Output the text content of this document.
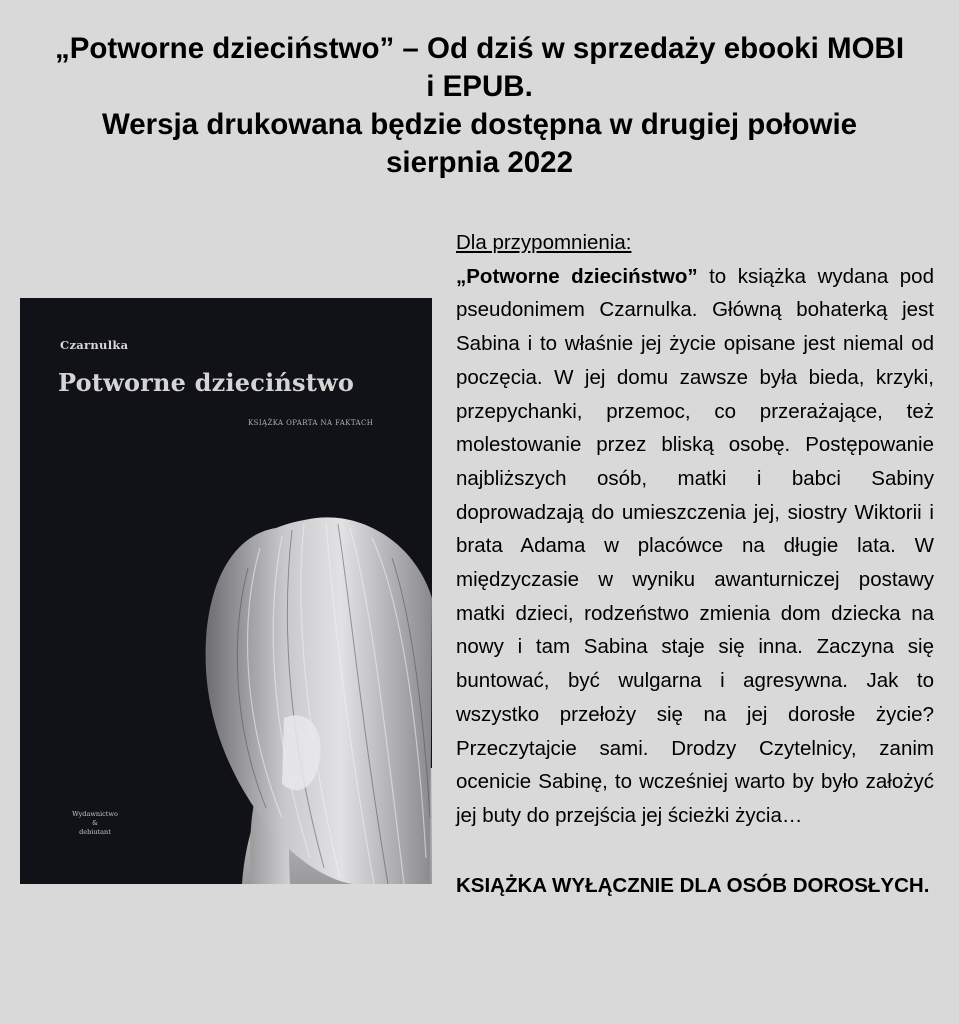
„Potworne dzieciństwo” – Od dziś w sprzedaży ebooki MOBI
i EPUB.
Wersja drukowana będzie dostępna w drugiej połowie
sierpnia 2022
Czarnulka
Potworne dzieciństwo
KSIĄŻKA OPARTA NA FAKTACH
Wydawnictwo
&
debiutant
Dla przypomnienia:

„Potworne dzieciństwo” to książka wydana pod pseudonimem Czarnulka. Główną bohaterką jest Sabina i to właśnie jej życie opisane jest niemal od poczęcia. W jej domu zawsze była bieda, krzyki, przepychanki, przemoc, co przerażające, też molestowanie przez bliską osobę. Postępowanie najbliższych osób, matki i babci Sabiny doprowadzają do umieszczenia jej, siostry Wiktorii i brata Adama w placówce na długie lata. W międzyczasie w wyniku awanturniczej postawy matki dzieci, rodzeństwo zmienia dom dziecka na nowy i tam Sabina staje się inna. Zaczyna się buntować, być wulgarna i agresywna. Jak to wszystko przełoży się na jej dorosłe życie? Przeczytajcie sami. Drodzy Czytelnicy, zanim ocenicie Sabinę, to wcześniej warto by było założyć jej buty do przejścia jej ścieżki życia…

KSIĄŻKA WYŁĄCZNIE DLA OSÓB DOROSŁYCH.
